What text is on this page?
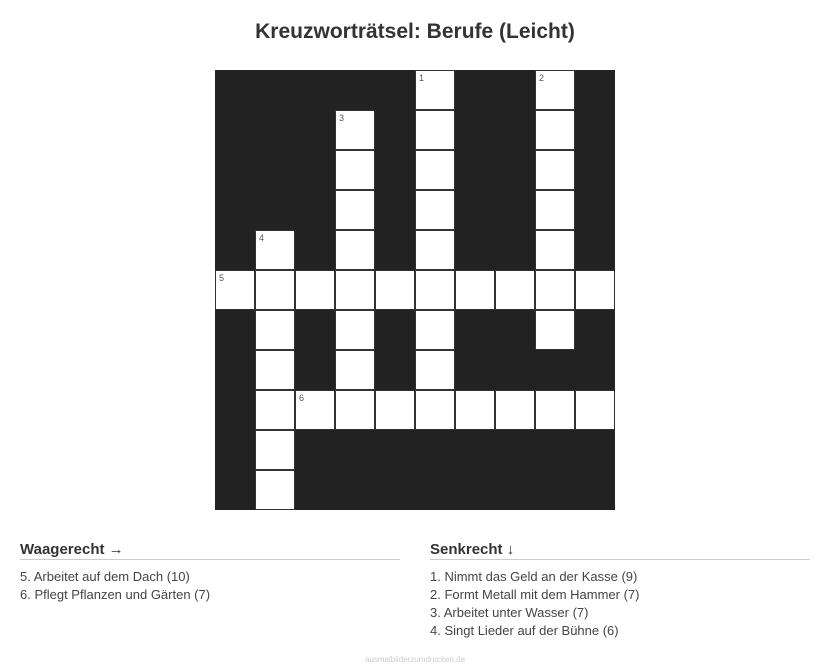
Kreuzworträtsel: Berufe (Leicht)
1	2
3
4
5
6
Waagerecht →
5. Arbeitet auf dem Dach (10)
6. Pflegt Pflanzen und Gärten (7)
Senkrecht ↓
1. Nimmt das Geld an der Kasse (9)
2. Formt Metall mit dem Hammer (7)
3. Arbeitet unter Wasser (7)
4. Singt Lieder auf der Bühne (6)
ausmalbilderzumdrucken.de
